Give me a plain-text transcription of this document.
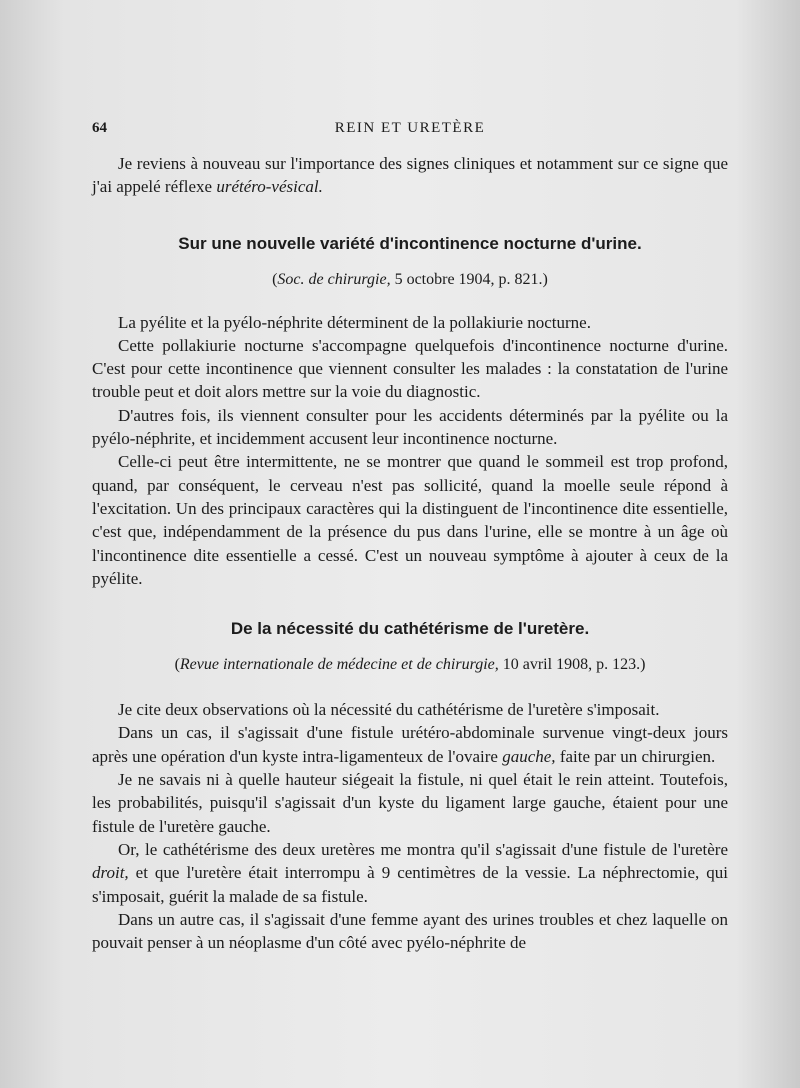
64	REIN ET URETÈRE

Je reviens à nouveau sur l'importance des signes cliniques et notamment sur ce signe que j'ai appelé réflexe urétéro-vésical.

Sur une nouvelle variété d'incontinence nocturne d'urine.
(Soc. de chirurgie, 5 octobre 1904, p. 821.)

La pyélite et la pyélo-néphrite déterminent de la pollakiurie nocturne.

Cette pollakiurie nocturne s'accompagne quelquefois d'incontinence nocturne d'urine. C'est pour cette incontinence que viennent consulter les malades : la constatation de l'urine trouble peut et doit alors mettre sur la voie du diagnostic.

D'autres fois, ils viennent consulter pour les accidents déterminés par la pyélite ou la pyélo-néphrite, et incidemment accusent leur incontinence nocturne.

Celle-ci peut être intermittente, ne se montrer que quand le sommeil est trop profond, quand, par conséquent, le cerveau n'est pas sollicité, quand la moelle seule répond à l'excitation. Un des principaux caractères qui la distinguent de l'incontinence dite essentielle, c'est que, indépendamment de la présence du pus dans l'urine, elle se montre à un âge où l'incontinence dite essentielle a cessé. C'est un nouveau symptôme à ajouter à ceux de la pyélite.

De la nécessité du cathétérisme de l'uretère.
(Revue internationale de médecine et de chirurgie, 10 avril 1908, p. 123.)

Je cite deux observations où la nécessité du cathétérisme de l'uretère s'imposait.

Dans un cas, il s'agissait d'une fistule urétéro-abdominale survenue vingt-deux jours après une opération d'un kyste intra-ligamenteux de l'ovaire gauche, faite par un chirurgien.

Je ne savais ni à quelle hauteur siégeait la fistule, ni quel était le rein atteint. Toutefois, les probabilités, puisqu'il s'agissait d'un kyste du ligament large gauche, étaient pour une fistule de l'uretère gauche.

Or, le cathétérisme des deux uretères me montra qu'il s'agissait d'une fistule de l'uretère droit, et que l'uretère était interrompu à 9 centimètres de la vessie. La néphrectomie, qui s'imposait, guérit la malade de sa fistule.

Dans un autre cas, il s'agissait d'une femme ayant des urines troubles et chez laquelle on pouvait penser à un néoplasme d'un côté avec pyélo-néphrite de
